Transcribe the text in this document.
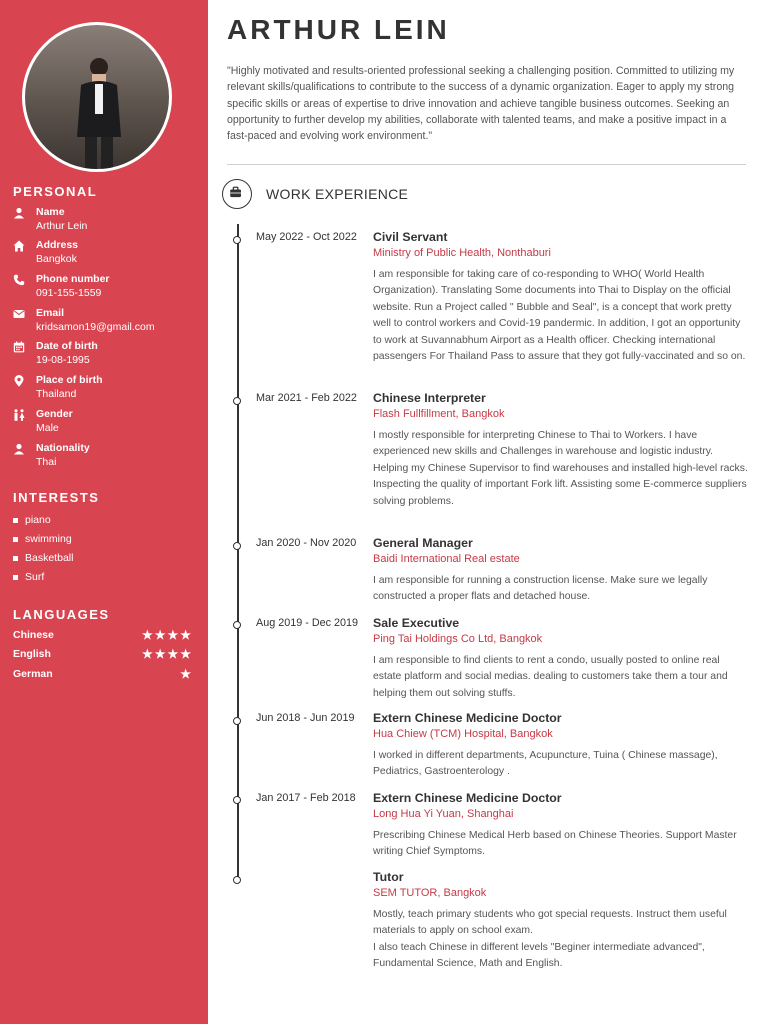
PERSONAL
Name
Arthur Lein
Address
Bangkok
Phone number
091-155-1559
Email
kridsamon19@gmail.com
Date of birth
19-08-1995
Place of birth
Thailand
Gender
Male
Nationality
Thai
INTERESTS
piano
swimming
Basketball
Surf
LANGUAGES
Chinese	★★★★
English	★★★★
German	★
ARTHUR LEIN
"Highly motivated and results-oriented professional seeking a challenging position. Committed to utilizing my relevant skills/qualifications to contribute to the success of a dynamic organization. Eager to apply my strong specific skills or areas of expertise to drive innovation and achieve tangible business outcomes. Seeking an opportunity to further develop my abilities, collaborate with talented teams, and make a positive impact in a fast-paced and evolving work environment."
WORK EXPERIENCE
May 2022 - Oct 2022 Civil Servant
Ministry of Public Health, Nonthaburi
I am responsible for taking care of co-responding to WHO( World Health Organization). Translating Some documents into Thai to Display on the official website. Run a Project called " Bubble and Seal", is a concept that work pretty well to control workers and Covid-19 pandermic. In addition, I got an opportunity to work at Suvannabhum Airport as a Health officer. Checking international passengers For Thailand Pass to assure that they got fully-vaccinated and so on.
Mar 2021 - Feb 2022 Chinese Interpreter
Flash Fullfillment, Bangkok
I mostly responsible for interpreting Chinese to Thai to Workers. I have experienced new skills and Challenges in warehouse and logistic industry. Helping my Chinese Supervisor to find warehouses and installed high-level racks.
Inspecting the quality of important Fork lift. Assisting some E-commerce suppliers solving problems.
Jan 2020 - Nov 2020 General Manager
Baidi International Real estate
I am responsible for running a construction license. Make sure we legally constructed a proper flats and detached house.
Aug 2019 - Dec 2019 Sale Executive
Ping Tai Holdings Co Ltd, Bangkok
I am responsible to find clients to rent a condo, usually posted to online real estate platform and social medias. dealing to customers take them a tour and helping them out solving stuffs.
Jun 2018 - Jun 2019 Extern Chinese Medicine Doctor
Hua Chiew (TCM) Hospital, Bangkok
I worked in different departments, Acupuncture, Tuina ( Chinese massage), Pediatrics, Gastroenterology .
Jan 2017 - Feb 2018 Extern Chinese Medicine Doctor
Long Hua Yi Yuan, Shanghai
Prescribing Chinese Medical Herb based on Chinese Theories. Support Master writing Chief Symptoms.
Tutor
SEM TUTOR, Bangkok
Mostly, teach primary students who got special requests. Instruct them useful materials to apply on school exam.
I also teach Chinese in different levels "Beginer intermediate advanced", Fundamental Science, Math and English.
